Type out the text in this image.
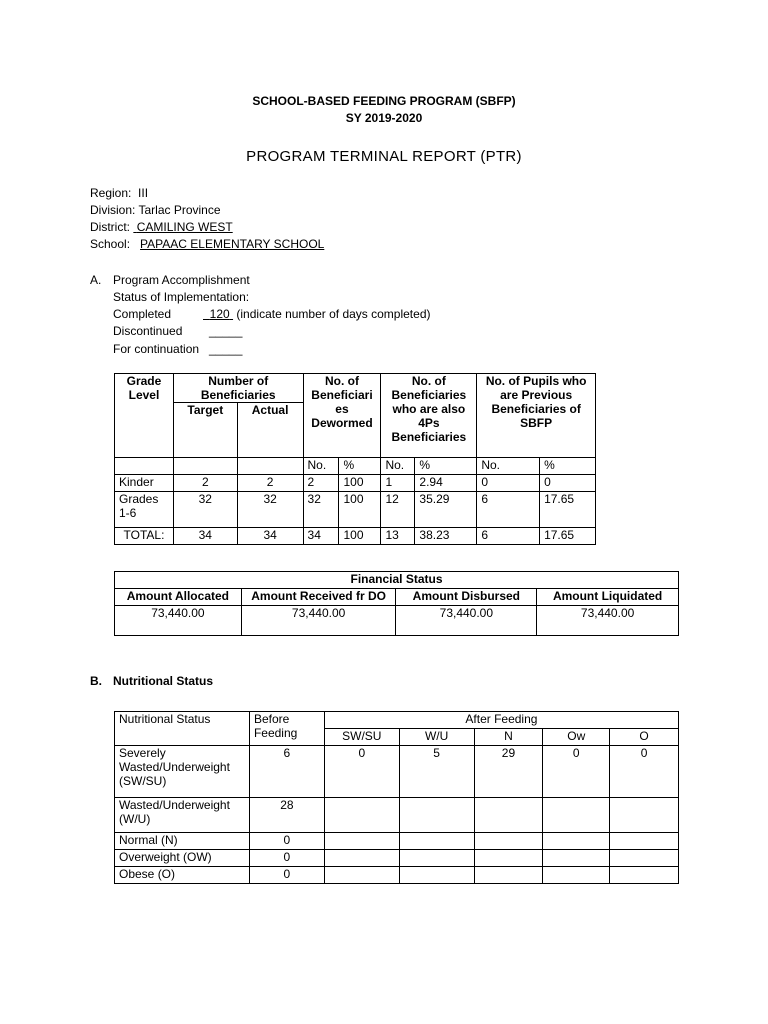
SCHOOL-BASED FEEDING PROGRAM (SBFP)
SY 2019-2020
PROGRAM TERMINAL REPORT (PTR)
Region: III
Division: Tarlac Province
District: CAMILING WEST
School: PAPAAC ELEMENTARY SCHOOL
A. Program Accomplishment
Status of Implementation:
Completed	120 (indicate number of days completed)
Discontinued _____
For continuation _____
Grade Level	Number of Beneficiaries		No. of Beneficiari es Dewormed		No. of Beneficiaries who are also 4Ps Beneficiaries		No. of Pupils who are Previous Beneficiaries of SBFP	
	Target	Actual						
			No.	%	No.	%	No.	%
Kinder	2	2	2	100	1	2.94	0	0
Grades 1-6	32	32	32	100	12	35.29	6	17.65
TOTAL:	34	34	34	100	13	38.23	6	17.65
Financial Status			
Amount Allocated	Amount Received fr DO	Amount Disbursed	Amount Liquidated
73,440.00	73,440.00	73,440.00	73,440.00
B. Nutritional Status
Nutritional Status	Before Feeding	After Feeding				
		SW/SU	W/U	N	Ow	O
Severely Wasted/Underweight (SW/SU)	6	0	5	29	0	0
Wasted/Underweight (W/U)	28					
Normal (N)	0					
Overweight (OW)	0					
Obese (O)	0					
